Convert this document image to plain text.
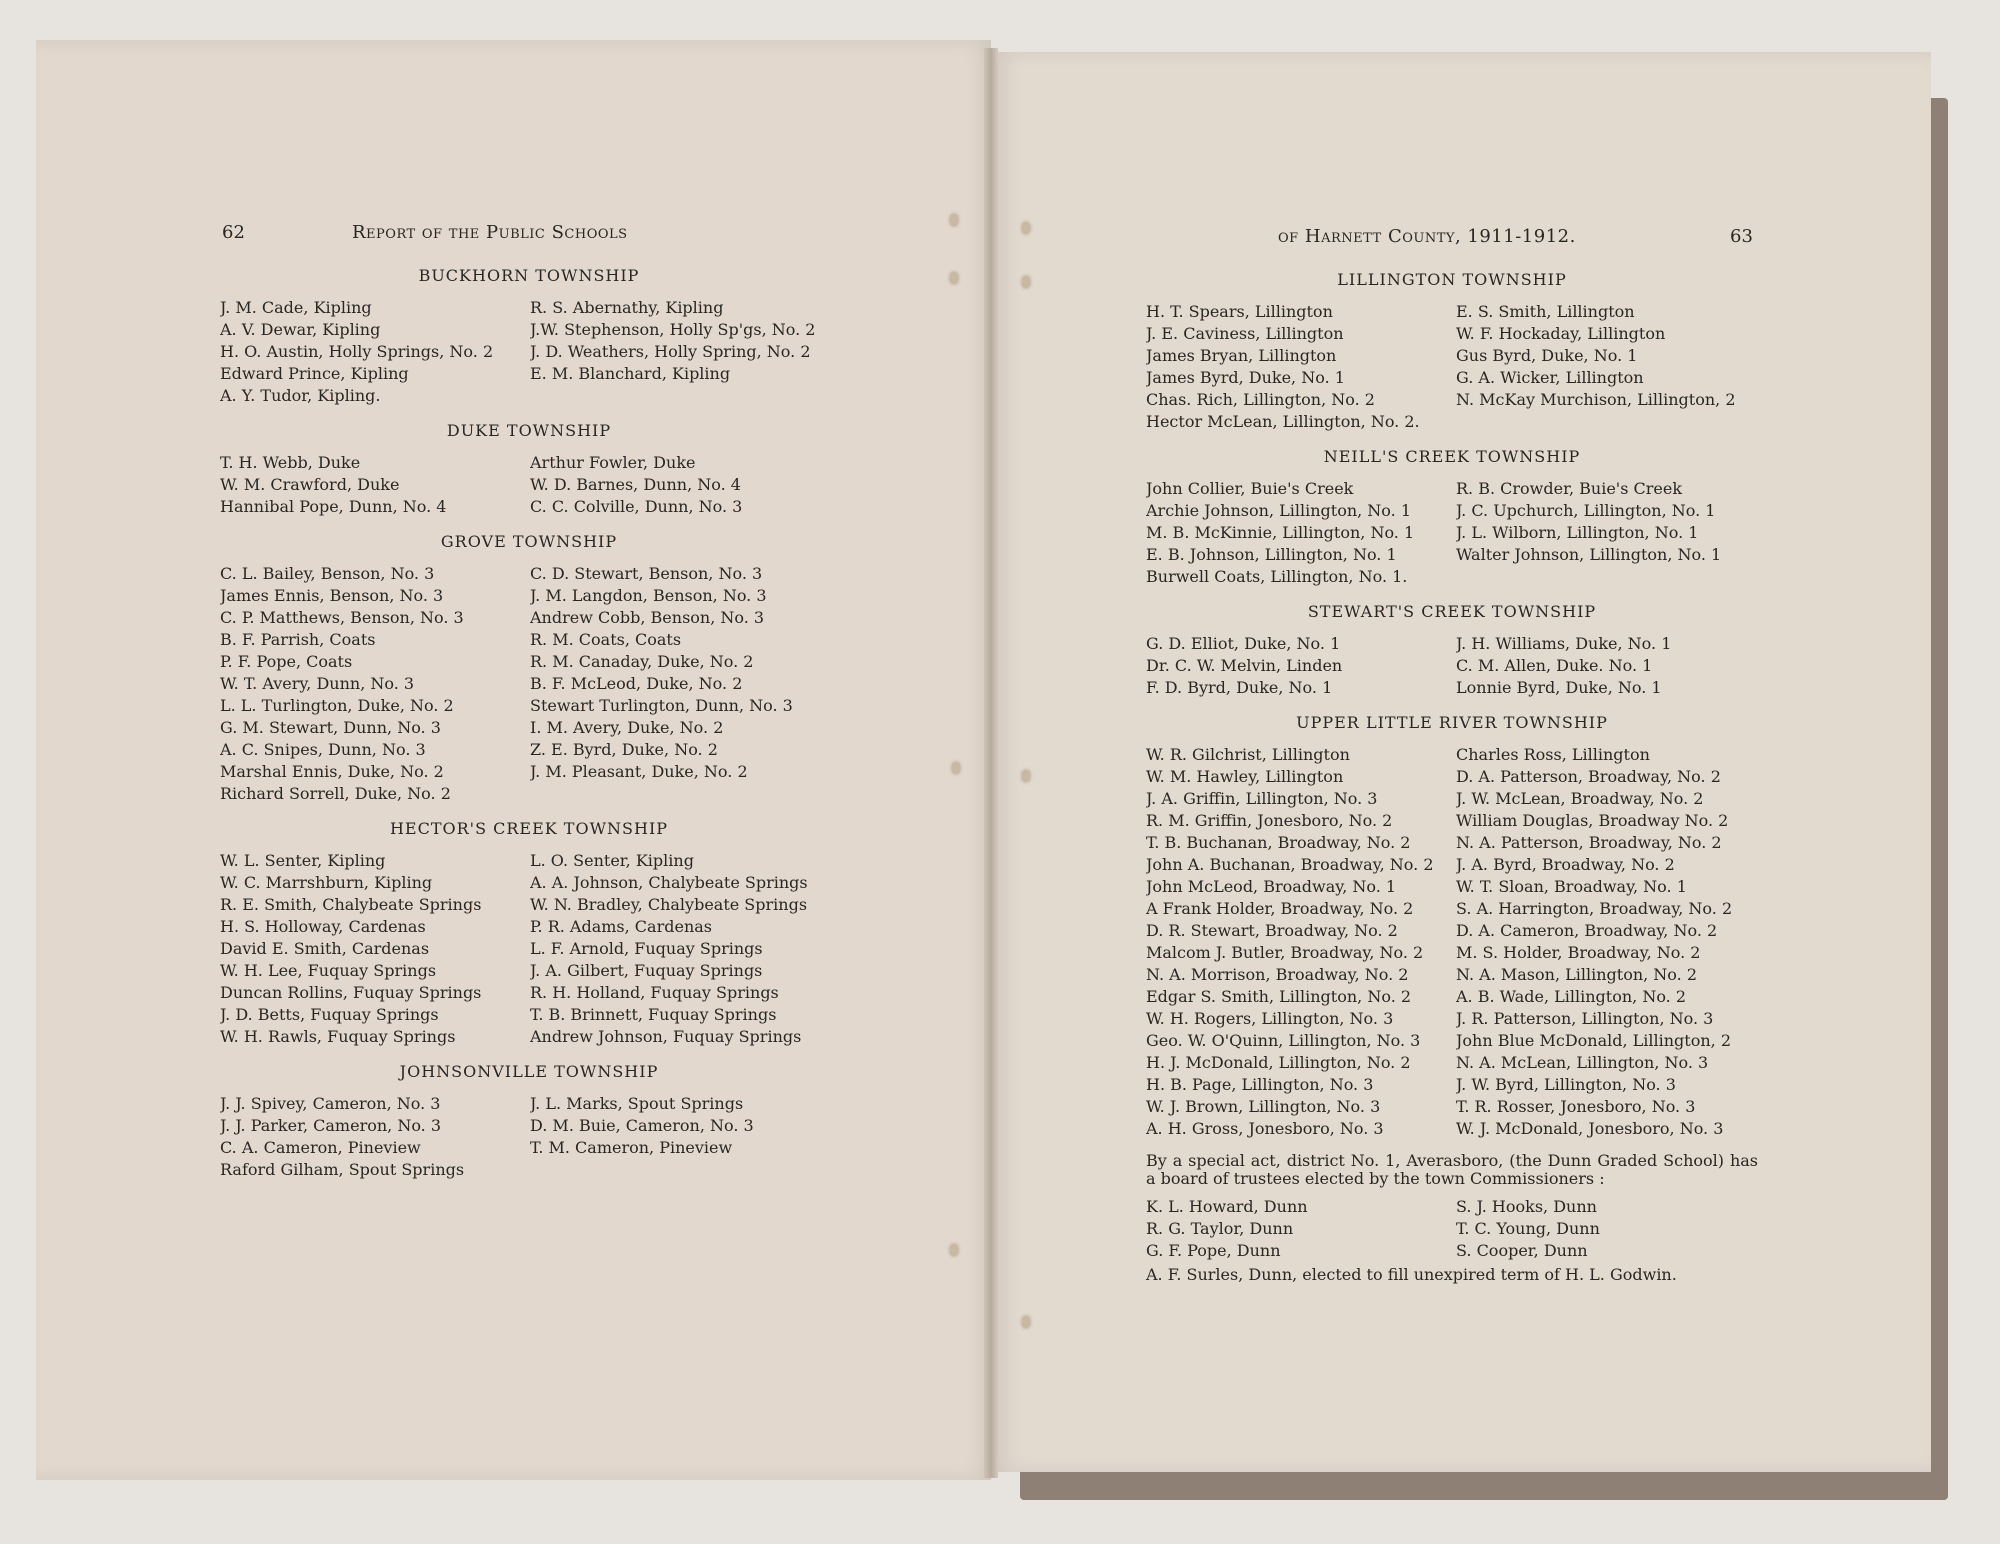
62	Report of the Public Schools
BUCKHORN TOWNSHIP
J. M. Cade, Kipling	R. S. Abernathy, Kipling
A. V. Dewar, Kipling	J.W. Stephenson, Holly Sp'gs, No. 2
H. O. Austin, Holly Springs, No. 2	J. D. Weathers, Holly Spring, No. 2
Edward Prince, Kipling	E. M. Blanchard, Kipling
A. Y. Tudor, Kipling.
DUKE TOWNSHIP
T. H. Webb, Duke	Arthur Fowler, Duke
W. M. Crawford, Duke	W. D. Barnes, Dunn, No. 4
Hannibal Pope, Dunn, No. 4	C. C. Colville, Dunn, No. 3
GROVE TOWNSHIP
C. L. Bailey, Benson, No. 3	C. D. Stewart, Benson, No. 3
James Ennis, Benson, No. 3	J. M. Langdon, Benson, No. 3
C. P. Matthews, Benson, No. 3	Andrew Cobb, Benson, No. 3
B. F. Parrish, Coats	R. M. Coats, Coats
P. F. Pope, Coats	R. M. Canaday, Duke, No. 2
W. T. Avery, Dunn, No. 3	B. F. McLeod, Duke, No. 2
L. L. Turlington, Duke, No. 2	Stewart Turlington, Dunn, No. 3
G. M. Stewart, Dunn, No. 3	I. M. Avery, Duke, No. 2
A. C. Snipes, Dunn, No. 3	Z. E. Byrd, Duke, No. 2
Marshal Ennis, Duke, No. 2	J. M. Pleasant, Duke, No. 2
Richard Sorrell, Duke, No. 2
HECTOR'S CREEK TOWNSHIP
W. L. Senter, Kipling	L. O. Senter, Kipling
W. C. Marrshburn, Kipling	A. A. Johnson, Chalybeate Springs
R. E. Smith, Chalybeate Springs	W. N. Bradley, Chalybeate Springs
H. S. Holloway, Cardenas	P. R. Adams, Cardenas
David E. Smith, Cardenas	L. F. Arnold, Fuquay Springs
W. H. Lee, Fuquay Springs	J. A. Gilbert, Fuquay Springs
Duncan Rollins, Fuquay Springs	R. H. Holland, Fuquay Springs
J. D. Betts, Fuquay Springs	T. B. Brinnett, Fuquay Springs
W. H. Rawls, Fuquay Springs	Andrew Johnson, Fuquay Springs
JOHNSONVILLE TOWNSHIP
J. J. Spivey, Cameron, No. 3	J. L. Marks, Spout Springs
J. J. Parker, Cameron, No. 3	D. M. Buie, Cameron, No. 3
C. A. Cameron, Pineview	T. M. Cameron, Pineview
Raford Gilham, Spout Springs
of Harnett County, 1911-1912.	63
LILLINGTON TOWNSHIP
H. T. Spears, Lillington	E. S. Smith, Lillington
J. E. Caviness, Lillington	W. F. Hockaday, Lillington
James Bryan, Lillington	Gus Byrd, Duke, No. 1
James Byrd, Duke, No. 1	G. A. Wicker, Lillington
Chas. Rich, Lillington, No. 2	N. McKay Murchison, Lillington, 2
Hector McLean, Lillington, No. 2.
NEILL'S CREEK TOWNSHIP
John Collier, Buie's Creek	R. B. Crowder, Buie's Creek
Archie Johnson, Lillington, No. 1	J. C. Upchurch, Lillington, No. 1
M. B. McKinnie, Lillington, No. 1	J. L. Wilborn, Lillington, No. 1
E. B. Johnson, Lillington, No. 1	Walter Johnson, Lillington, No. 1
Burwell Coats, Lillington, No. 1.
STEWART'S CREEK TOWNSHIP
G. D. Elliot, Duke, No. 1	J. H. Williams, Duke, No. 1
Dr. C. W. Melvin, Linden	C. M. Allen, Duke. No. 1
F. D. Byrd, Duke, No. 1	Lonnie Byrd, Duke, No. 1
UPPER LITTLE RIVER TOWNSHIP
W. R. Gilchrist, Lillington	Charles Ross, Lillington
W. M. Hawley, Lillington	D. A. Patterson, Broadway, No. 2
J. A. Griffin, Lillington, No. 3	J. W. McLean, Broadway, No. 2
R. M. Griffin, Jonesboro, No. 2	William Douglas, Broadway No. 2
T. B. Buchanan, Broadway, No. 2	N. A. Patterson, Broadway, No. 2
John A. Buchanan, Broadway, No. 2	J. A. Byrd, Broadway, No. 2
John McLeod, Broadway, No. 1	W. T. Sloan, Broadway, No. 1
A Frank Holder, Broadway, No. 2	S. A. Harrington, Broadway, No. 2
D. R. Stewart, Broadway, No. 2	D. A. Cameron, Broadway, No. 2
Malcom J. Butler, Broadway, No. 2	M. S. Holder, Broadway, No. 2
N. A. Morrison, Broadway, No. 2	N. A. Mason, Lillington, No. 2
Edgar S. Smith, Lillington, No. 2	A. B. Wade, Lillington, No. 2
W. H. Rogers, Lillington, No. 3	J. R. Patterson, Lillington, No. 3
Geo. W. O'Quinn, Lillington, No. 3	John Blue McDonald, Lillington, 2
H. J. McDonald, Lillington, No. 2	N. A. McLean, Lillington, No. 3
H. B. Page, Lillington, No. 3	J. W. Byrd, Lillington, No. 3
W. J. Brown, Lillington, No. 3	T. R. Rosser, Jonesboro, No. 3
A. H. Gross, Jonesboro, No. 3	W. J. McDonald, Jonesboro, No. 3
By a special act, district No. 1, Averasboro, (the Dunn Graded School) has a board of trustees elected by the town Commissioners :
K. L. Howard, Dunn	S. J. Hooks, Dunn
R. G. Taylor, Dunn	T. C. Young, Dunn
G. F. Pope, Dunn	S. Cooper, Dunn
A. F. Surles, Dunn, elected to fill unexpired term of H. L. Godwin.
